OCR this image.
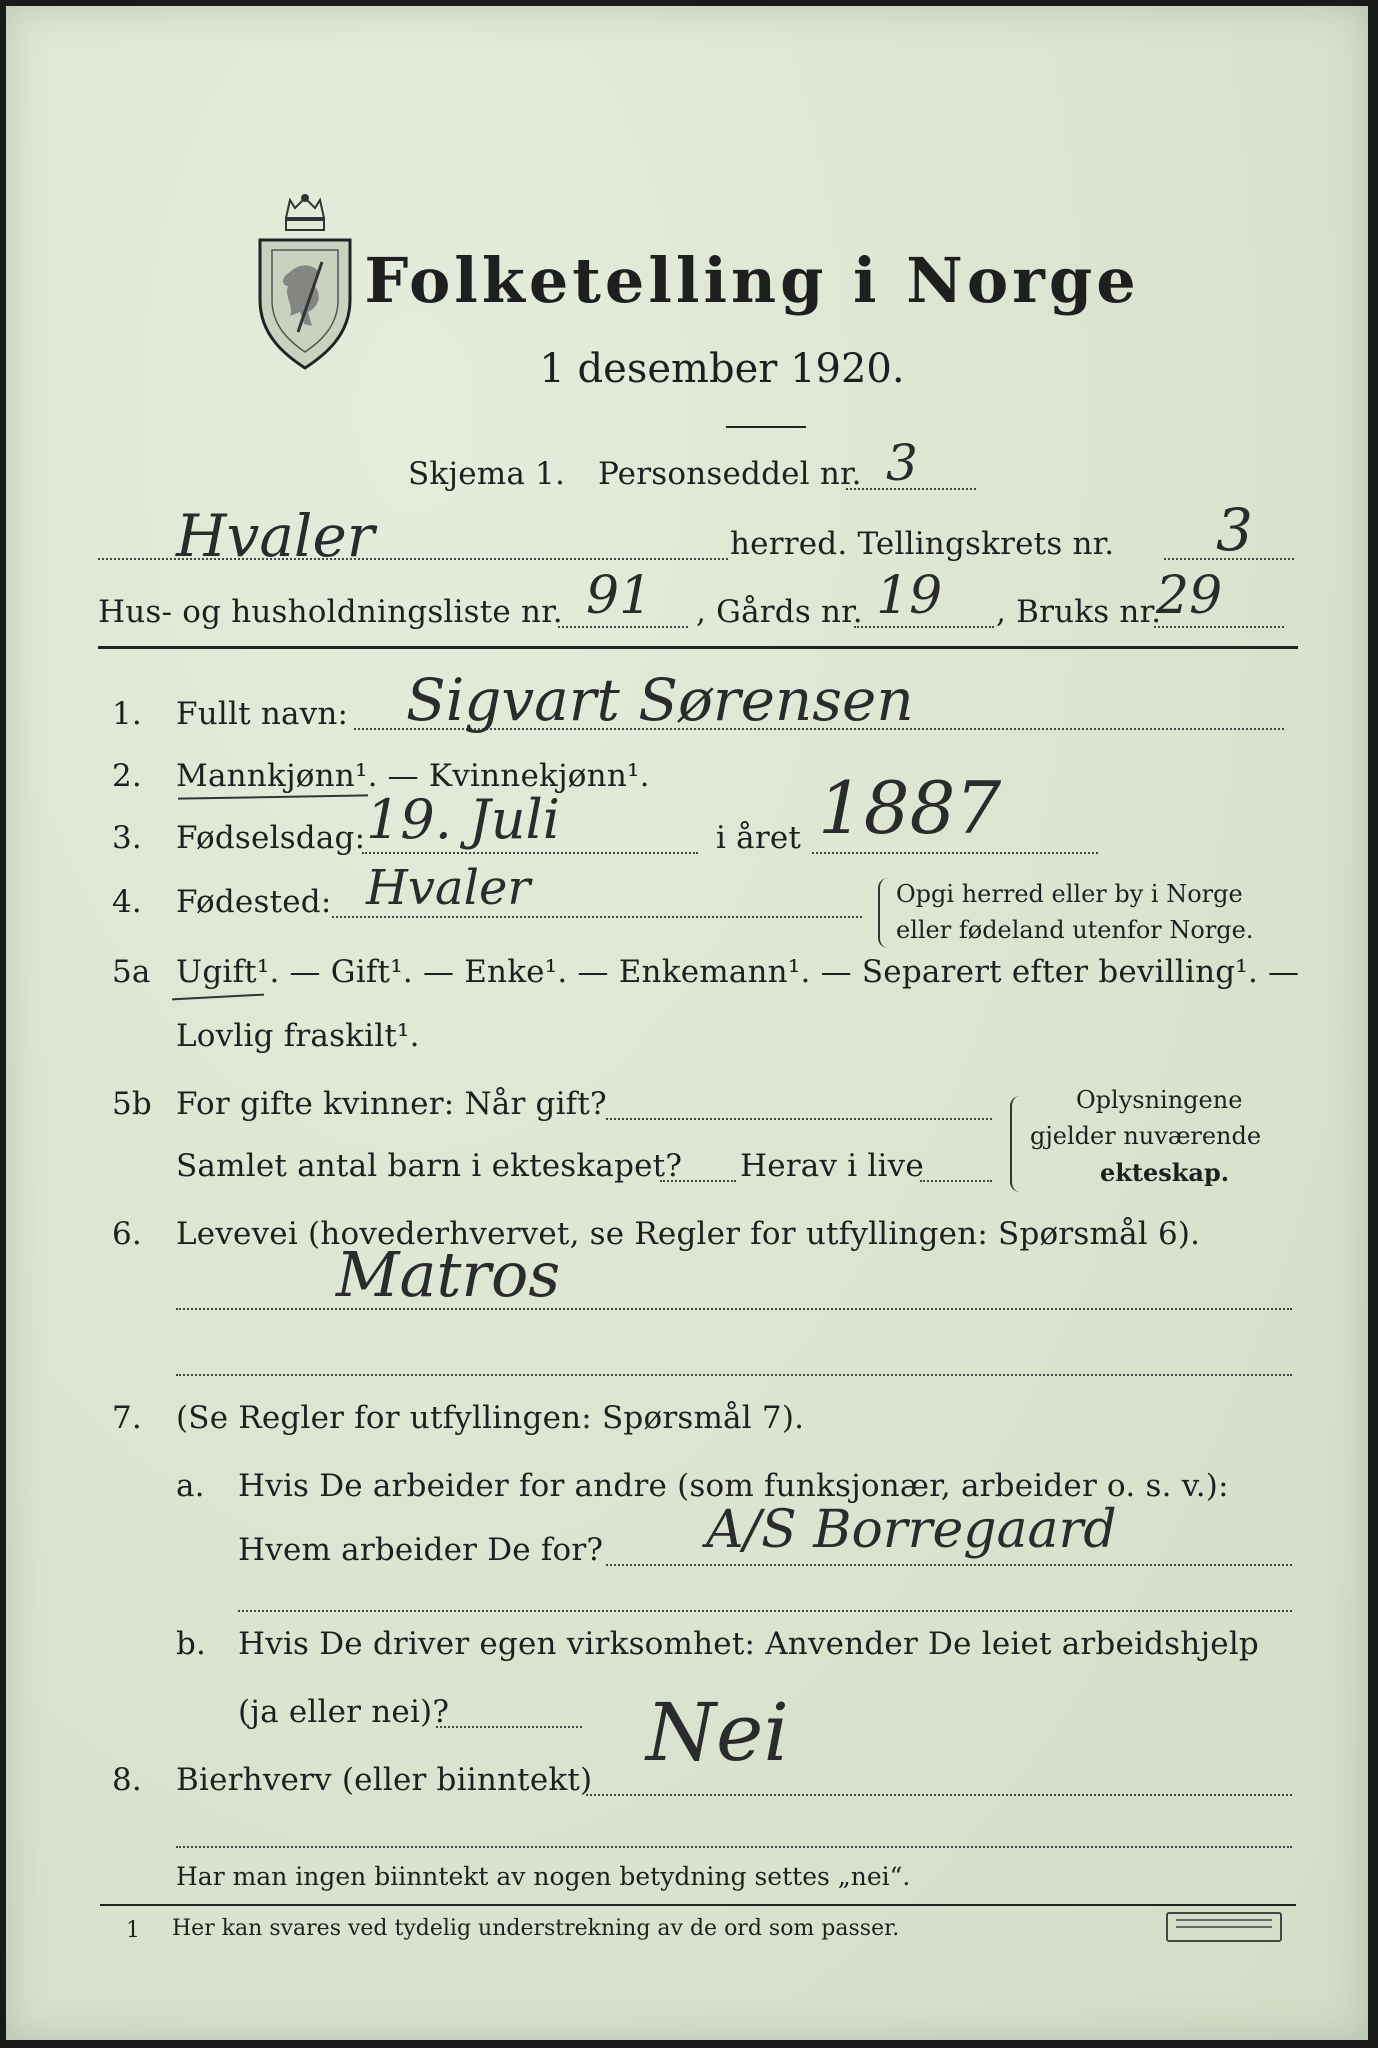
Folketelling i Norge
1 desember 1920.
Skjema 1. Personseddel nr. 3
Hvaler	herred. Tellingskrets nr. 3
Hus- og husholdningsliste nr. 91 , Gårds nr. 19 , Bruks nr.
29
1.	Fullt navn: Sigvart Sørensen
2.	Mannkjønn¹. — Kvinnekjønn¹.
3.	Fødselsdag: 19. Juli	i året 1887
4.	Fødested: Hvaler	Opgi herred eller by i Norge
eller fødeland utenfor Norge.
5a Ugift¹. — Gift¹. — Enke¹. — Enkemann¹. — Separert efter bevilling¹. —
Lovlig fraskilt¹.
5b For gifte kvinner: Når gift?
Samlet antal barn i ekteskapet? Herav i live
Oplysningene
gjelder nuværende
ekteskap.
6.	Levevei (hovederhvervet, se Regler for utfyllingen: Spørsmål 6).
Matros
7.	(Se Regler for utfyllingen: Spørsmål 7).
a. Hvis De arbeider for andre (som funksjonær, arbeider o. s. v.):
Hvem arbeider De for? A/S Borregaard
b. Hvis De driver egen virksomhet: Anvender De leiet arbeidshjelp
(ja eller nei)? Nei
8.	Bierhverv (eller biinntekt)
Har man ingen biinntekt av nogen betydning settes „nei“.
1 Her kan svares ved tydelig understrekning av de ord som passer.
